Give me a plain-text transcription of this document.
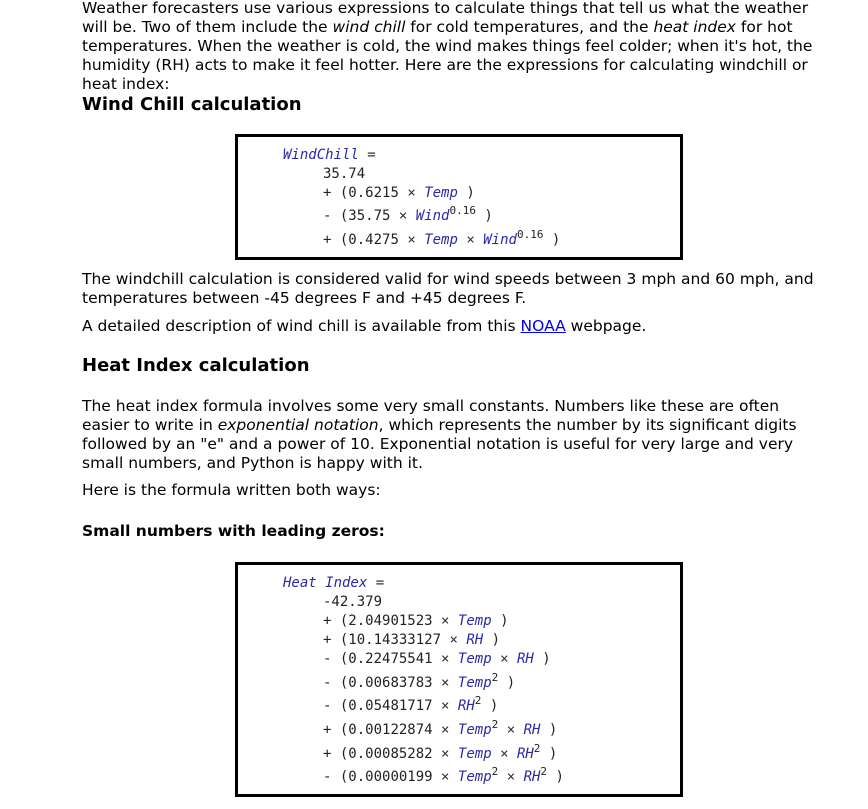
Weather forecasters use various expressions to calculate things that tell us what the weather will be. Two of them include the wind chill for cold temperatures, and the heat index for hot temperatures. When the weather is cold, the wind makes things feel colder; when it's hot, the humidity (RH) acts to make it feel hotter. Here are the expressions for calculating windchill or heat index:

Wind Chill calculation
WindChill =
35.74
+ (0.6215 × Temp )
- (35.75 × Wind$^{0.16}$ )
+ (0.4275 × Temp × Wind$^{0.16}$ )

The windchill calculation is considered valid for wind speeds between 3 mph and 60 mph, and temperatures between -45 degrees F and +45 degrees F.

A detailed description of wind chill is available from this NOAA webpage.

Heat Index calculation

The heat index formula involves some very small constants. Numbers like these are often easier to write in exponential notation, which represents the number by its significant digits followed by an "e" and a power of 10. Exponential notation is useful for very large and very small numbers, and Python is happy with it.

Here is the formula written both ways:

Small numbers with leading zeros:
Heat Index =
-42.379
+ (2.04901523 × Temp )
+ (10.14333127 × RH )
- (0.22475541 × Temp × RH )
- (0.00683783 × Temp$^2$ )
- ($0.05481717 \times RH^2$ )
+ (0.00122874 × Temp$^2$ × RH )
+ (0.00085282 × Temp × $RH^2$ )
- (0.00000199 × Temp$^2$ × $RH^2$ )
